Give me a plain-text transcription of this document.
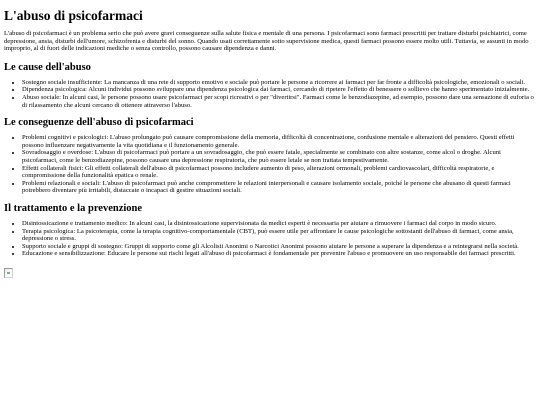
L'abuso di psicofarmaci

L'abuso di psicofarmaci è un problema serio che può avere gravi conseguenze sulla salute fisica e mentale di una persona. I psicofarmaci sono farmaci prescritti per trattare disturbi psichiatrici, come depressione, ansia, disturbi dell'umore, schizofrenia e disturbi del sonno. Quando usati correttamente sotto supervisione medica, questi farmaci possono essere molto utili. Tuttavia, se assunti in modo improprio, al di fuori delle indicazioni mediche o senza controllo, possono causare dipendenza e danni.

Le cause dell'abuso
• Sostegno sociale insufficiente: La mancanza di una rete di supporto emotivo e sociale può portare le persone a ricorrere ai farmaci per far fronte a difficoltà psicologiche, emozionali o sociali.
• Dipendenza psicologica: Alcuni individui possono sviluppare una dipendenza psicologica dai farmaci, cercando di ripetere l'effetto di benessere o sollievo che hanno sperimentato inizialmente.
• Abuso sociale: In alcuni casi, le persone possono usare psicofarmaci per scopi ricreativi o per "divertirsi". Farmaci come le benzodiazepine, ad esempio, possono dare una sensazione di euforia o di rilassamento che alcuni cercano di ottenere attraverso l'abuso.
Le conseguenze dell'abuso di psicofarmaci
• Problemi cognitivi e psicologici: L'abuso prolungato può causare compromissione della memoria, difficoltà di concentrazione, confusione mentale e alterazioni del pensiero. Questi effetti possono influenzare negativamente la vita quotidiana e il funzionamento generale.
• Sovradosaggio e overdose: L'abuso di psicofarmaci può portare a un sovradosaggio, che può essere fatale, specialmente se combinato con altre sostanze, come alcol o droghe. Alcuni psicofarmaci, come le benzodiazepine, possono causare una depressione respiratoria, che può essere letale se non trattata tempestivamente.
• Effetti collaterali fisici: Gli effetti collaterali dell'abuso di psicofarmaci possono includere aumento di peso, alterazioni ormonali, problemi cardiovascolari, difficoltà respiratorie, e compromissione della funzionalità epatica o renale.
• Problemi relazionali e sociali: L'abuso di psicofarmaci può anche compromettere le relazioni interpersonali e causare isolamento sociale, poiché le persone che abusano di questi farmaci potrebbero diventare più irritabili, distaccate o incapaci di gestire situazioni sociali.
Il trattamento e la prevenzione
• Disintossicazione e trattamento medico: In alcuni casi, la disintossicazione supervisionata da medici esperti è necessaria per aiutare a rimuovere i farmaci dal corpo in modo sicuro.
• Terapia psicologica: La psicoterapia, come la terapia cognitivo-comportamentale (CBT), può essere utile per affrontare le cause psicologiche sottostanti dell'abuso di farmaci, come ansia, depressione o stress.
• Supporto sociale e gruppi di sostegno: Gruppi di supporto come gli Alcolisti Anonimi o Narcotici Anonimi possono aiutare le persone a superare la dipendenza e a reintegrarsi nella società.
• Educazione e sensibilizzazione: Educare le persone sui rischi legati all'abuso di psicofarmaci è fondamentale per prevenire l'abuso e promuovere un uso responsabile dei farmaci prescritti.
